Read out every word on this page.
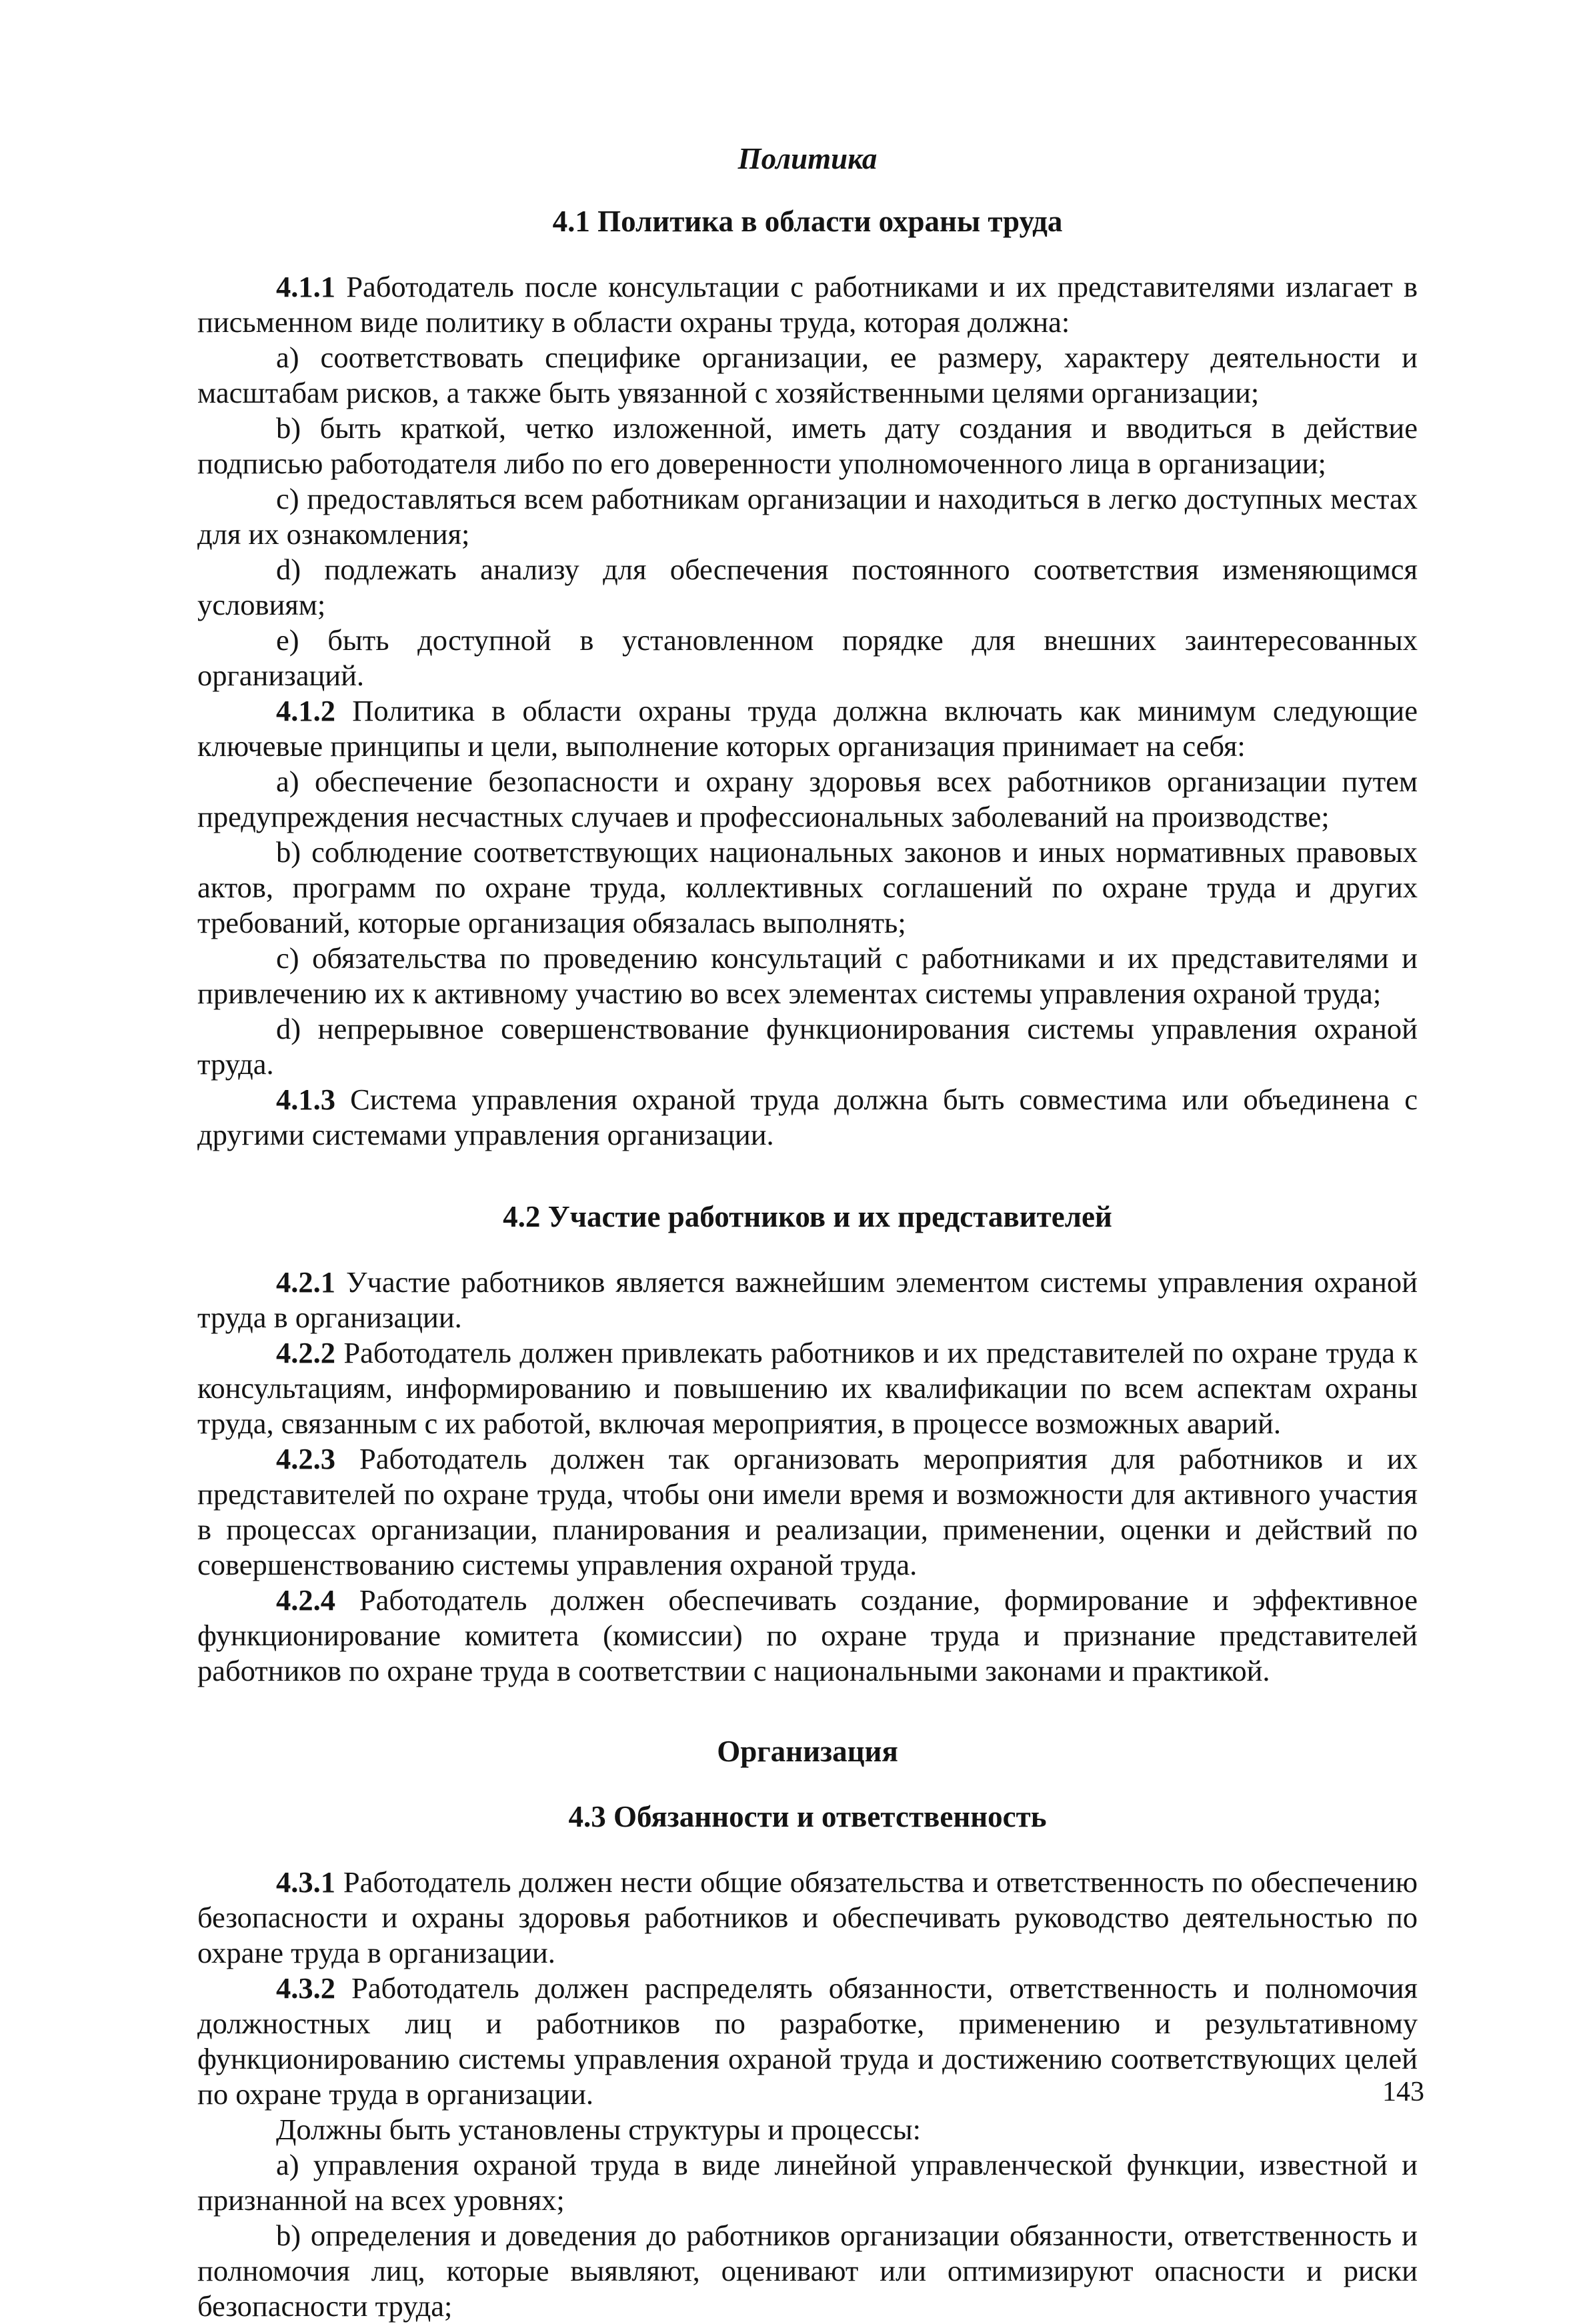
Политика
4.1 Политика в области охраны труда

4.1.1 Работодатель после консультации с работниками и их представителями излагает в письменном виде политику в области охраны труда, которая должна:

а) соответствовать специфике организации, ее размеру, характеру деятельности и масштабам рисков, а также быть увязанной с хозяйственными целями организации;

b) быть краткой, четко изложенной, иметь дату создания и вводиться в действие подписью работодателя либо по его доверенности уполномоченного лица в организации;

c) предоставляться всем работникам организации и находиться в легко доступных местах для их ознакомления;

d) подлежать анализу для обеспечения постоянного соответствия изменяющимся условиям;

e) быть доступной в установленном порядке для внешних заинтересованных организаций.

4.1.2 Политика в области охраны труда должна включать как минимум следующие ключевые принципы и цели, выполнение которых организация принимает на себя:

а) обеспечение безопасности и охрану здоровья всех работников организации путем предупреждения несчастных случаев и профессиональных заболеваний на производстве;

b) соблюдение соответствующих национальных законов и иных нормативных правовых актов, программ по охране труда, коллективных соглашений по охране труда и других требований, которые организация обязалась выполнять;

c) обязательства по проведению консультаций с работниками и их представителями и привлечению их к активному участию во всех элементах системы управления охраной труда;

d) непрерывное совершенствование функционирования системы управления охраной труда.

4.1.3 Система управления охраной труда должна быть совместима или объединена с другими системами управления организации.

4.2 Участие работников и их представителей

4.2.1 Участие работников является важнейшим элементом системы управления охраной труда в организации.

4.2.2 Работодатель должен привлекать работников и их представителей по охране труда к консультациям, информированию и повышению их квалификации по всем аспектам охраны труда, связанным с их работой, включая мероприятия, в процессе возможных аварий.

4.2.3 Работодатель должен так организовать мероприятия для работников и их представителей по охране труда, чтобы они имели время и возможности для активного участия в процессах организации, планирования и реализации, применении, оценки и действий по совершенствованию системы управления охраной труда.

4.2.4 Работодатель должен обеспечивать создание, формирование и эффективное функционирование комитета (комиссии) по охране труда и признание представителей работников по охране труда в соответствии с национальными законами и практикой.

Организация
4.3 Обязанности и ответственность

4.3.1 Работодатель должен нести общие обязательства и ответственность по обеспечению безопасности и охраны здоровья работников и обеспечивать руководство деятельностью по охране труда в организации.

4.3.2 Работодатель должен распределять обязанности, ответственность и полномочия должностных лиц и работников по разработке, применению и результативному функционированию системы управления охраной труда и достижению соответствующих целей по охране труда в организации.

Должны быть установлены структуры и процессы:

а) управления охраной труда в виде линейной управленческой функции, известной и признанной на всех уровнях;

b) определения и доведения до работников организации обязанности, ответственность и полномочия лиц, которые выявляют, оценивают или оптимизируют опасности и риски безопасности труда;

143
